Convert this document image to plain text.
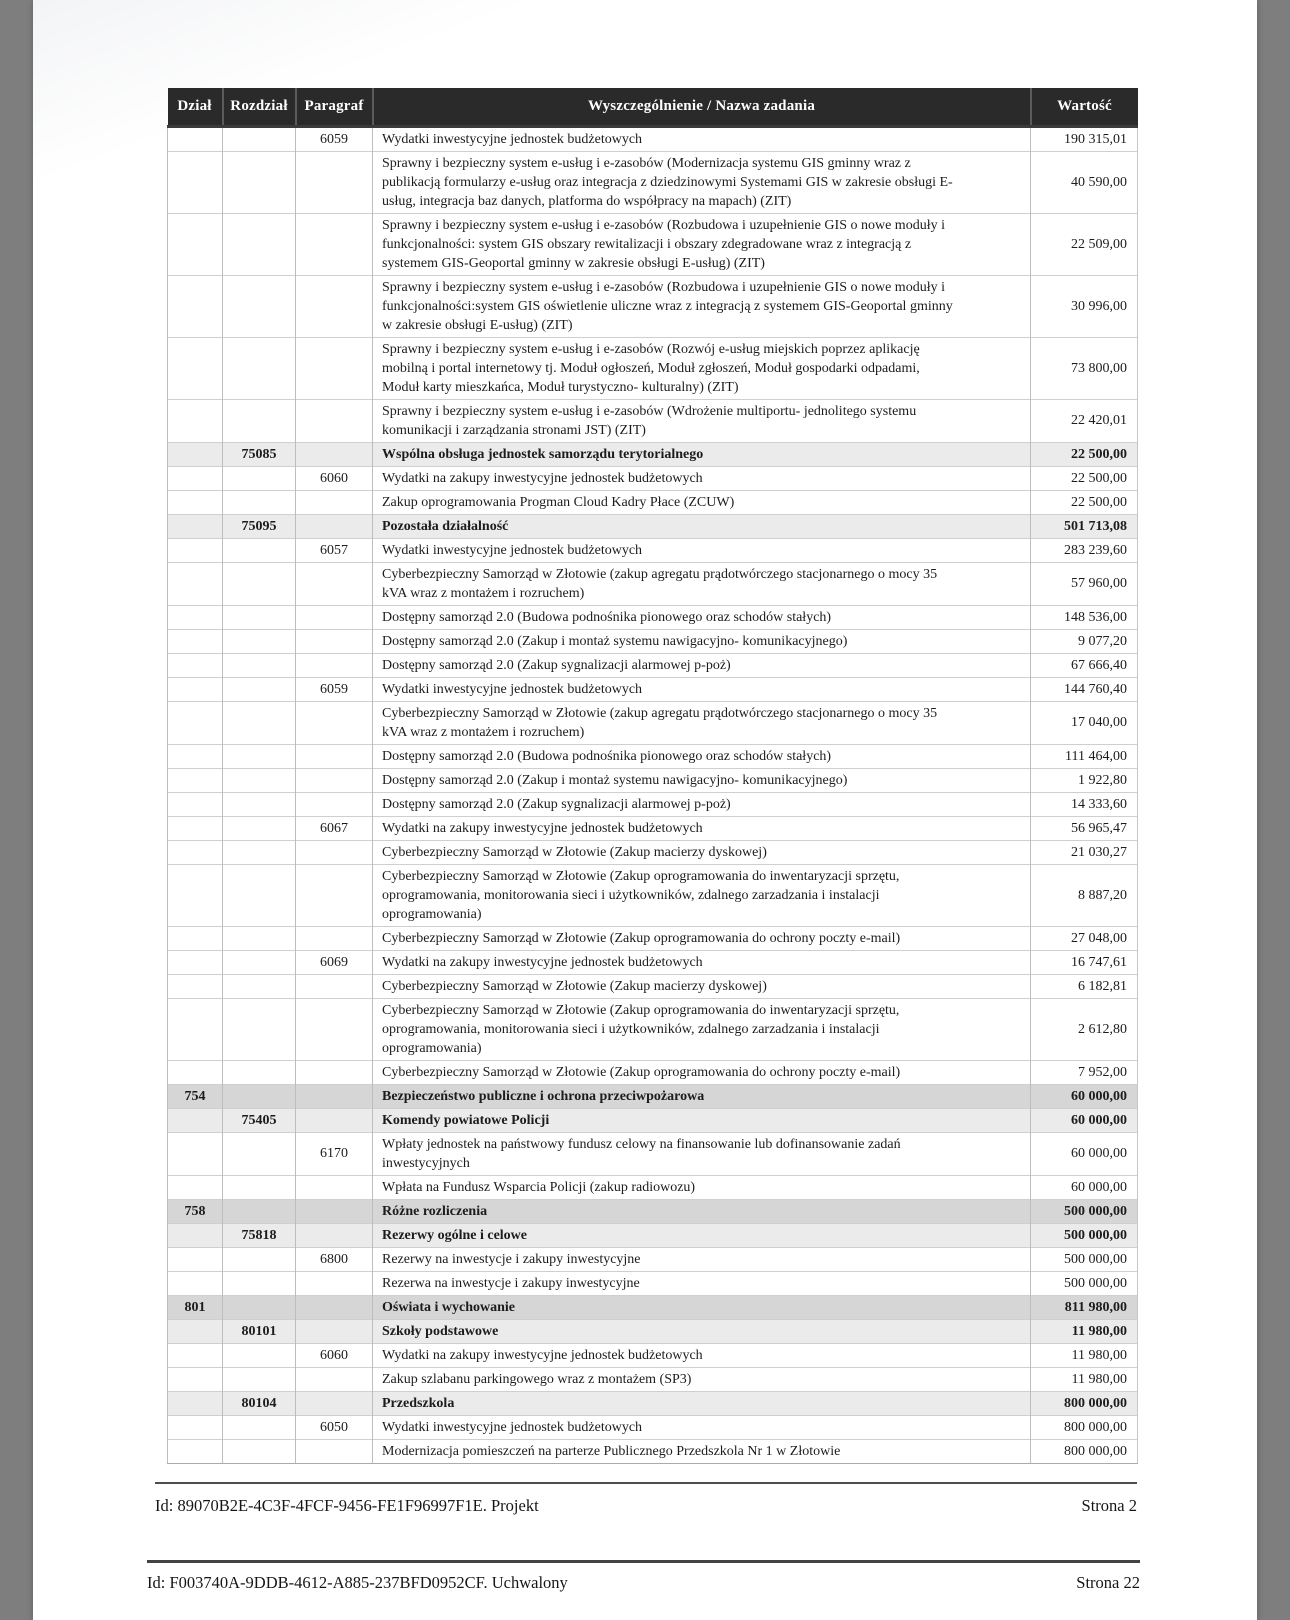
Dział	Rozdział	Paragraf	Wyszczególnienie / Nazwa zadania	Wartość
		6059	Wydatki inwestycyjne jednostek budżetowych	190 315,01
			Sprawny i bezpieczny system e-usług i e-zasobów (Modernizacja systemu GIS gminny wraz z publikacją formularzy e-usług oraz integracja z dziedzinowymi Systemami GIS w zakresie obsługi E-usług, integracja baz danych, platforma do współpracy na mapach) (ZIT)	40 590,00
			Sprawny i bezpieczny system e-usług i e-zasobów (Rozbudowa i uzupełnienie GIS o nowe moduły i funkcjonalności: system GIS obszary rewitalizacji i obszary zdegradowane wraz z integracją z systemem GIS-Geoportal gminny w zakresie obsługi E-usług) (ZIT)	22 509,00
			Sprawny i bezpieczny system e-usług i e-zasobów (Rozbudowa i uzupełnienie GIS o nowe moduły i funkcjonalności:system GIS oświetlenie uliczne wraz z integracją z systemem GIS-Geoportal gminny w zakresie obsługi E-usług) (ZIT)	30 996,00
			Sprawny i bezpieczny system e-usług i e-zasobów (Rozwój e-usług miejskich poprzez aplikację mobilną i portal internetowy tj. Moduł ogłoszeń, Moduł zgłoszeń, Moduł gospodarki odpadami, Moduł karty mieszkańca, Moduł turystyczno- kulturalny) (ZIT)	73 800,00
			Sprawny i bezpieczny system e-usług i e-zasobów (Wdrożenie multiportu- jednolitego systemu komunikacji i zarządzania stronami JST) (ZIT)	22 420,01
	75085		Wspólna obsługa jednostek samorządu terytorialnego	22 500,00
		6060	Wydatki na zakupy inwestycyjne jednostek budżetowych	22 500,00
			Zakup oprogramowania Progman Cloud Kadry Płace (ZCUW)	22 500,00
	75095		Pozostała działalność	501 713,08
		6057	Wydatki inwestycyjne jednostek budżetowych	283 239,60
			Cyberbezpieczny Samorząd w Złotowie (zakup agregatu prądotwórczego stacjonarnego o mocy 35 kVA wraz z montażem i rozruchem)	57 960,00
			Dostępny samorząd 2.0 (Budowa podnośnika pionowego oraz schodów stałych)	148 536,00
			Dostępny samorząd 2.0 (Zakup i montaż systemu nawigacyjno- komunikacyjnego)	9 077,20
			Dostępny samorząd 2.0 (Zakup sygnalizacji alarmowej p-poż)	67 666,40
		6059	Wydatki inwestycyjne jednostek budżetowych	144 760,40
			Cyberbezpieczny Samorząd w Złotowie (zakup agregatu prądotwórczego stacjonarnego o mocy 35 kVA wraz z montażem i rozruchem)	17 040,00
			Dostępny samorząd 2.0 (Budowa podnośnika pionowego oraz schodów stałych)	111 464,00
			Dostępny samorząd 2.0 (Zakup i montaż systemu nawigacyjno- komunikacyjnego)	1 922,80
			Dostępny samorząd 2.0 (Zakup sygnalizacji alarmowej p-poż)	14 333,60
		6067	Wydatki na zakupy inwestycyjne jednostek budżetowych	56 965,47
			Cyberbezpieczny Samorząd w Złotowie (Zakup macierzy dyskowej)	21 030,27
			Cyberbezpieczny Samorząd w Złotowie (Zakup oprogramowania do inwentaryzacji sprzętu, oprogramowania, monitorowania sieci i użytkowników, zdalnego zarzadzania i instalacji oprogramowania)	8 887,20
			Cyberbezpieczny Samorząd w Złotowie (Zakup oprogramowania do ochrony poczty e-mail)	27 048,00
		6069	Wydatki na zakupy inwestycyjne jednostek budżetowych	16 747,61
			Cyberbezpieczny Samorząd w Złotowie (Zakup macierzy dyskowej)	6 182,81
			Cyberbezpieczny Samorząd w Złotowie (Zakup oprogramowania do inwentaryzacji sprzętu, oprogramowania, monitorowania sieci i użytkowników, zdalnego zarzadzania i instalacji oprogramowania)	2 612,80
			Cyberbezpieczny Samorząd w Złotowie (Zakup oprogramowania do ochrony poczty e-mail)	7 952,00
754			Bezpieczeństwo publiczne i ochrona przeciwpożarowa	60 000,00
	75405		Komendy powiatowe Policji	60 000,00
		6170	Wpłaty jednostek na państwowy fundusz celowy na finansowanie lub dofinansowanie zadań inwestycyjnych	60 000,00
			Wpłata na Fundusz Wsparcia Policji (zakup radiowozu)	60 000,00
758			Różne rozliczenia	500 000,00
	75818		Rezerwy ogólne i celowe	500 000,00
		6800	Rezerwy na inwestycje i zakupy inwestycyjne	500 000,00
			Rezerwa na inwestycje i zakupy inwestycyjne	500 000,00
801			Oświata i wychowanie	811 980,00
	80101		Szkoły podstawowe	11 980,00
		6060	Wydatki na zakupy inwestycyjne jednostek budżetowych	11 980,00
			Zakup szlabanu parkingowego wraz z montażem (SP3)	11 980,00
	80104		Przedszkola	800 000,00
		6050	Wydatki inwestycyjne jednostek budżetowych	800 000,00
			Modernizacja pomieszczeń na parterze Publicznego Przedszkola Nr 1 w Złotowie	800 000,00
Id: 89070B2E-4C3F-4FCF-9456-FE1F96997F1E. Projekt	Strona 2
Id: F003740A-9DDB-4612-A885-237BFD0952CF. Uchwalony	Strona 22
